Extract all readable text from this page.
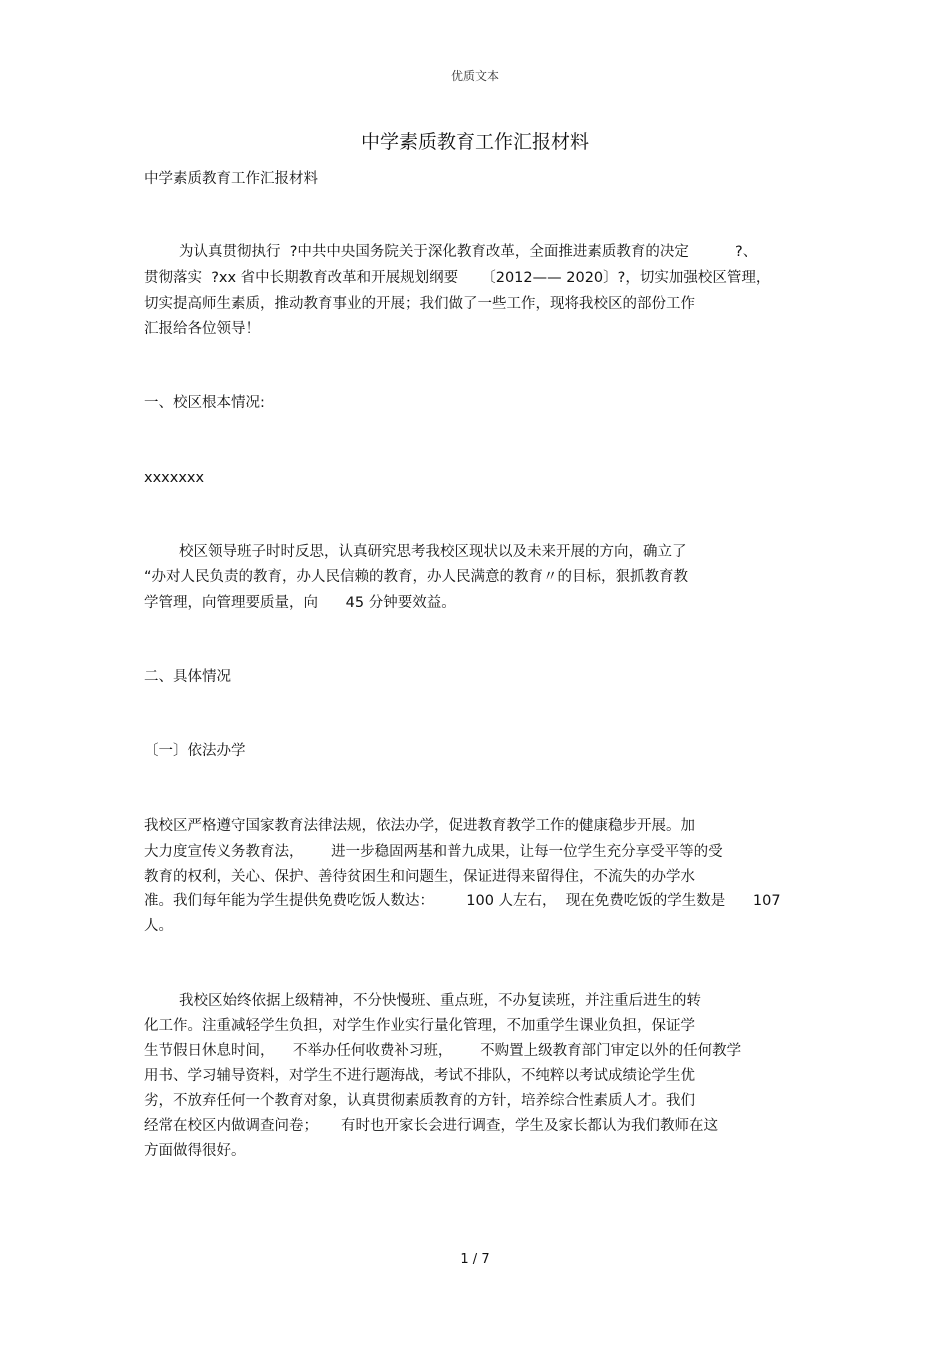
优质文本
中学素质教育工作汇报材料
中学素质教育工作汇报材料
为认真贯彻执行  ?中共中央国务院关于深化教育改革，全面推进素质教育的决定          ?、
贯彻落实  ?xx 省中长期教育改革和开展规划纲要     〔2012—— 2020〕?，切实加强校区管理，
切实提高师生素质，推动教育事业的开展；我们做了一些工作，现将我校区的部份工作
汇报给各位领导！
一、校区根本情况:
xxxxxxx
校区领导班子时时反思，认真研究思考我校区现状以及未来开展的方向，确立了
“办对人民负责的教育，办人民信赖的教育，办人民满意的教育〃的目标，狠抓教育教
学管理，向管理要质量，向      45 分钟要效益。
二、具体情况
〔一〕依法办学
我校区严格遵守国家教育法律法规，依法办学，促进教育教学工作的健康稳步开展。加
大力度宣传义务教育法，      进一步稳固两基和普九成果，让每一位学生充分享受平等的受
教育的权利，关心、保护、善待贫困生和问题生，保证进得来留得住，不流失的办学水
准。我们每年能为学生提供免费吃饭人数达：       100 人左右，  现在免费吃饭的学生数是      107
人。
我校区始终依据上级精神，不分快慢班、重点班，不办复读班，并注重后进生的转
化工作。注重减轻学生负担，对学生作业实行量化管理，不加重学生课业负担，保证学
生节假日休息时间，    不举办任何收费补习班，      不购置上级教育部门审定以外的任何教学
用书、学习辅导资料，对学生不进行题海战，考试不排队，不纯粹以考试成绩论学生优
劣，不放弃任何一个教育对象，认真贯彻素质教育的方针，培养综合性素质人才。我们
经常在校区内做调查问卷；     有时也开家长会进行调查，学生及家长都认为我们教师在这
方面做得很好。
1 / 7
